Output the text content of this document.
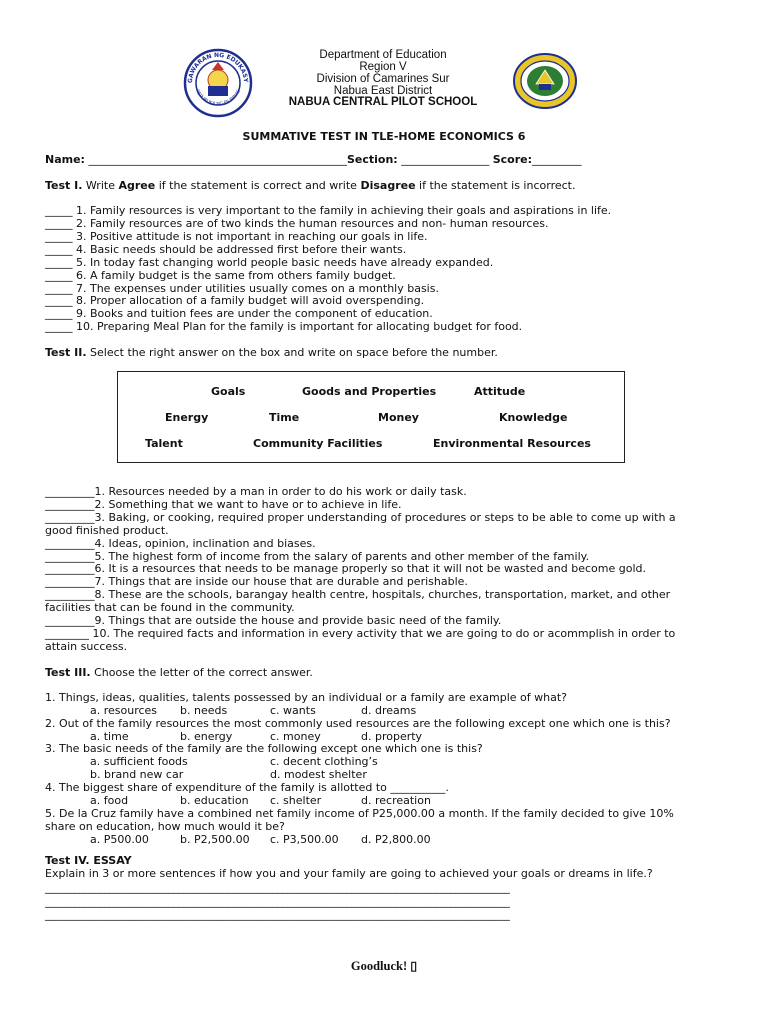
GAWARAN NG EDUKASY
REPUBLIKA NG PILIPINAS
Department of Education
Region V
Division of Camarines Sur
Nabua East District
NABUA CENTRAL PILOT SCHOOL
SUMMATIVE TEST IN TLE-HOME ECONOMICS 6
Name: _______________________________________________Section: ________________ Score:_________
Test I. Write Agree if the statement is correct and write Disagree if the statement is incorrect.
_____ 1. Family resources is very important to the family in achieving their goals and aspirations in life.
_____ 2. Family resources are of two kinds the human resources and non- human resources.
_____ 3. Positive attitude is not important in reaching our goals in life.
_____ 4. Basic needs should be addressed first before their wants.
_____ 5. In today fast changing world people basic needs have already expanded.
_____ 6. A family budget is the same from others family budget.
_____ 7. The expenses under utilities usually comes on a monthly basis.
_____ 8. Proper allocation of a family budget will avoid overspending.
_____ 9. Books and tuition fees are under the component of education.
_____ 10. Preparing Meal Plan for the family is important for allocating budget for food.
Test II. Select the right answer on the box and write on space before the number.
Goals	Goods and Properties	Attitude
Energy	Time	Money	Knowledge
Talent	Community Facilities	Environmental Resources
_________1. Resources needed by a man in order to do his work or daily task.
_________2. Something that we want to have or to achieve in life.
_________3. Baking, or cooking, required proper understanding of procedures or steps to be able to come up with a
good finished product.
_________4. Ideas, opinion, inclination and biases.
_________5. The highest form of income from the salary of parents and other member of the family.
_________6. It is a resources that needs to be manage properly so that it will not be wasted and become gold.
_________7. Things that are inside our house that are durable and perishable.
_________8. These are the schools, barangay health centre, hospitals, churches, transportation, market, and other
facilities that can be found in the community.
_________9. Things that are outside the house and provide basic need of the family.
________ 10. The required facts and information in every activity that we are going to do or acommplish in order to
attain success.
Test III. Choose the letter of the correct answer.
1. Things, ideas, qualities, talents possessed by an individual or a family are example of what?
a. resources b. needs	c. wants	d. dreams
2. Out of the family resources the most commonly used resources are the following except one which one is this?
a. time	b. energy	c. money	d. property
3. The basic needs of the family are the following except one which one is this?
a. sufficient foods	c. decent clothing’s
b. brand new car	d. modest shelter
4. The biggest share of expenditure of the family is allotted to __________.
a. food	b. education c. shelter	d. recreation
5. De la Cruz family have a combined net family income of P25,000.00 a month. If the family decided to give 10%
share on education, how much would it be?
a. P500.00	b. P2,500.00 c. P3,500.00 d. P2,800.00
Test IV. ESSAY
Explain in 3 or more sentences if how you and your family are going to achieved your goals or dreams in life.?
______________________________________________________________________________________________
______________________________________________________________________________________________
______________________________________________________________________________________________
Goodluck! ▯
